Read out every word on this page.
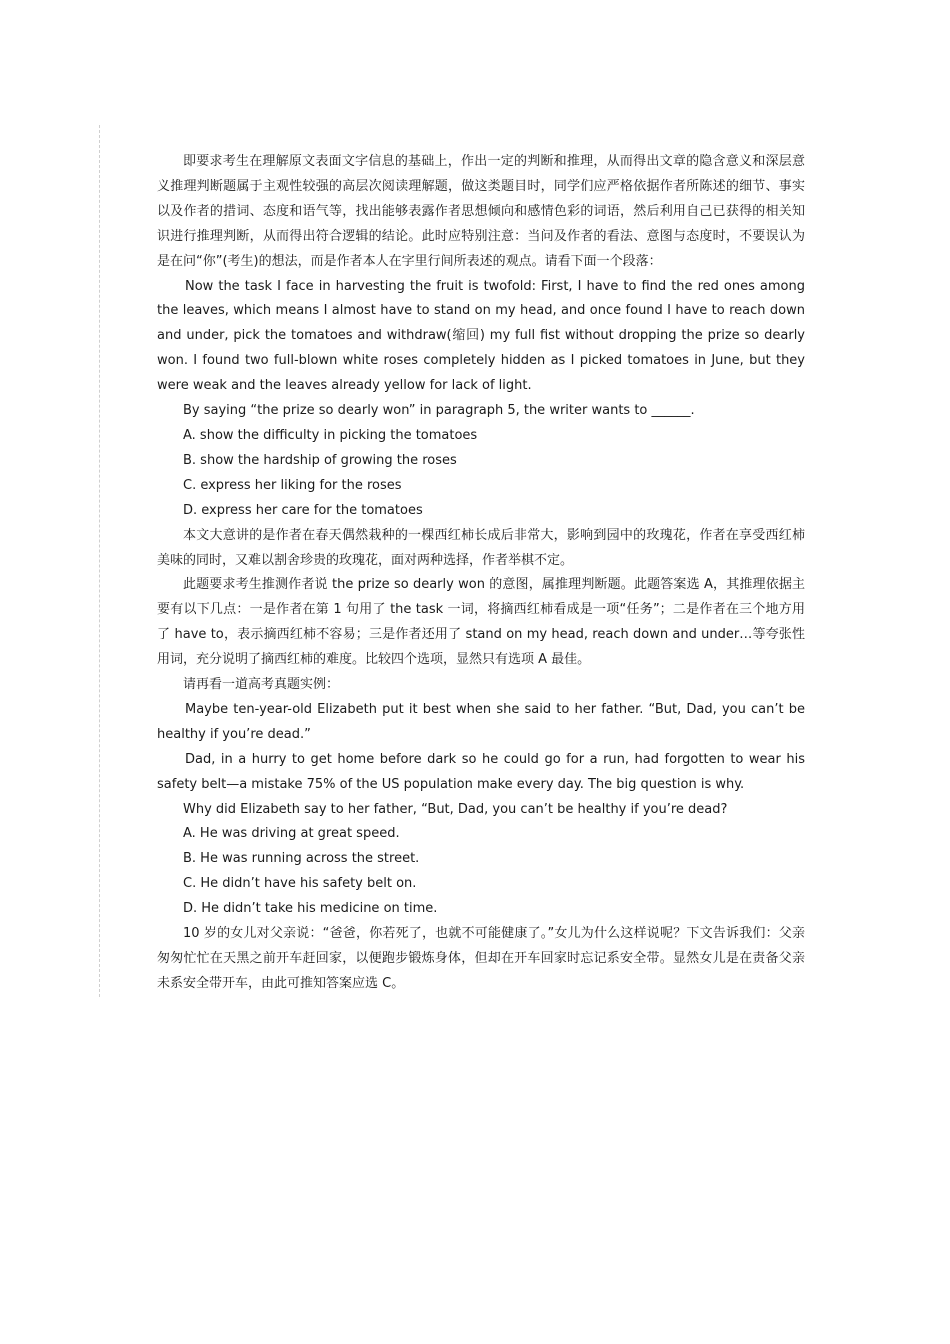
即要求考生在理解原文表面文字信息的基础上，作出一定的判断和推理，从而得出文章的隐含意义和深层意义推理判断题属于主观性较强的高层次阅读理解题，做这类题目时，同学们应严格依据作者所陈述的细节、事实以及作者的措词、态度和语气等，找出能够表露作者思想倾向和感情色彩的词语，然后利用自己已获得的相关知识进行推理判断，从而得出符合逻辑的结论。此时应特别注意：当问及作者的看法、意图与态度时，不要误认为是在问“你”(考生)的想法，而是作者本人在字里行间所表述的观点。请看下面一个段落：

Now the task I face in harvesting the fruit is twofold: First, I have to find the red ones among the leaves, which means I almost have to stand on my head, and once found I have to reach down and under, pick the tomatoes and withdraw(缩回) my full fist without dropping the prize so dearly won. I found two full-blown white roses completely hidden as I picked tomatoes in June, but they were weak and the leaves already yellow for lack of light.

By saying “the prize so dearly won” in paragraph 5, the writer wants to ______.

A. show the difficulty in picking the tomatoes

B. show the hardship of growing the roses

C. express her liking for the roses

D. express her care for the tomatoes

本文大意讲的是作者在春天偶然栽种的一棵西红柿长成后非常大，影响到园中的玫瑰花，作者在享受西红柿美味的同时，又难以割舍珍贵的玫瑰花，面对两种选择，作者举棋不定。

此题要求考生推测作者说 the prize so dearly won 的意图，属推理判断题。此题答案选 A，其推理依据主要有以下几点：一是作者在第 1 句用了 the task 一词，将摘西红柿看成是一项“任务”；二是作者在三个地方用了 have to，表示摘西红柿不容易；三是作者还用了 stand on my head, reach down and under…等夸张性用词，充分说明了摘西红柿的难度。比较四个选项，显然只有选项 A 最佳。

请再看一道高考真题实例：

Maybe ten-year-old Elizabeth put it best when she said to her father. “But, Dad, you can’t be healthy if you’re dead.”

Dad, in a hurry to get home before dark so he could go for a run, had forgotten to wear his safety belt—a mistake 75% of the US population make every day. The big question is why.

Why did Elizabeth say to her father, “But, Dad, you can’t be healthy if you’re dead?

A. He was driving at great speed.

B. He was running across the street.

C. He didn’t have his safety belt on.

D. He didn’t take his medicine on time.

10 岁的女儿对父亲说：“爸爸，你若死了，也就不可能健康了。”女儿为什么这样说呢？下文告诉我们：父亲匆匆忙忙在天黑之前开车赶回家，以便跑步锻炼身体，但却在开车回家时忘记系安全带。显然女儿是在责备父亲未系安全带开车，由此可推知答案应选 C。
